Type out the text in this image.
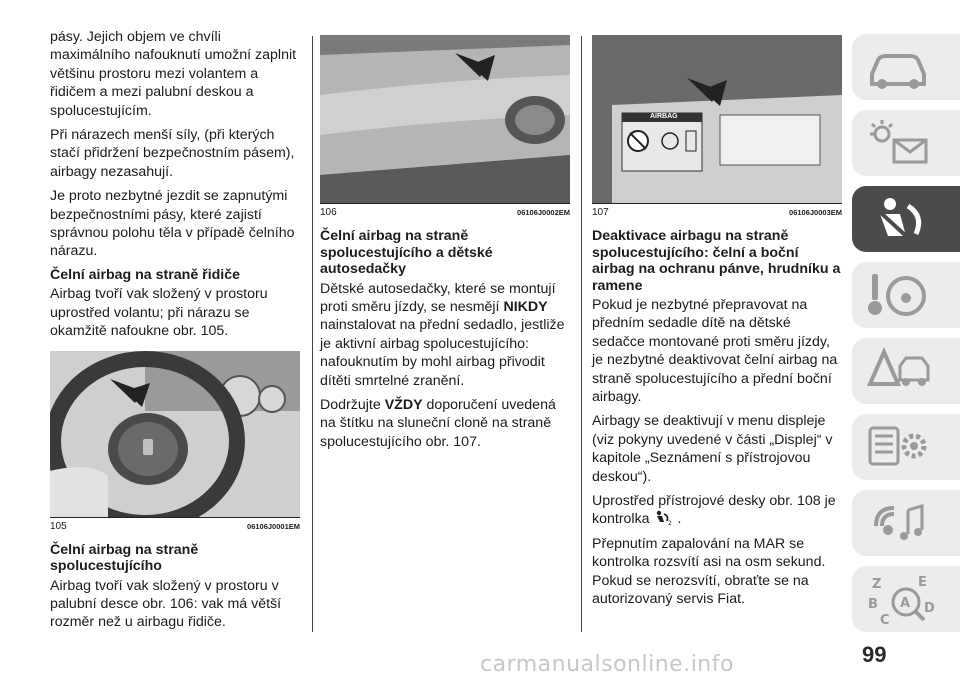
pásy. Jejich objem ve chvíli maximálního nafouknutí umožní zaplnit většinu prostoru mezi volantem a řidičem a mezi palubní deskou a spolucestujícím.

Při nárazech menší síly, (při kterých stačí přidržení bezpečnostním pásem), airbagy nezasahují.

Je proto nezbytné jezdit se zapnutými bezpečnostními pásy, které zajistí správnou polohu těla v případě čelního nárazu.

Čelní airbag na straně řidiče

Airbag tvoří vak složený v prostoru uprostřed volantu; při nárazu se okamžitě nafoukne obr. 105.

105	06106J0001EM
Čelní airbag na straně spolucestujícího

Airbag tvoří vak složený v prostoru v palubní desce obr. 106: vak má větší rozměr než u airbagu řidiče.

106	06106J0002EM
Čelní airbag na straně spolucestujícího a dětské autosedačky

Dětské autosedačky, které se montují proti směru jízdy, se nesmějí NIKDY nainstalovat na přední sedadlo, jestliže je aktivní airbag spolucestujícího: nafouknutím by mohl airbag přivodit dítěti smrtelné zranění.

Dodržujte VŽDY doporučení uvedená na štítku na sluneční cloně na straně spolucestujícího obr. 107.

AIRBAG
107	06106J0003EM
Deaktivace airbagu na straně spolucestujícího: čelní a boční airbag na ochranu pánve, hrudníku a ramene

Pokud je nezbytné přepravovat na předním sedadle dítě na dětské sedačce montované proti směru jízdy, je nezbytné deaktivovat čelní airbag na straně spolucestujícího a přední boční airbagy.

Airbagy se deaktivují v menu displeje (viz pokyny uvedené v části „Displej“ v kapitole „Seznámení s přístrojovou deskou“).

Uprostřed přístrojové desky obr. 108 je kontrolka	2 .

Přepnutím zapalování na MAR se kontrolka rozsvítí asi na osm sekund. Pokud se nerozsvítí, obraťte se na autorizovaný servis Fiat.

Z	E
A
B
C
D
99
carmanualsonline.info
